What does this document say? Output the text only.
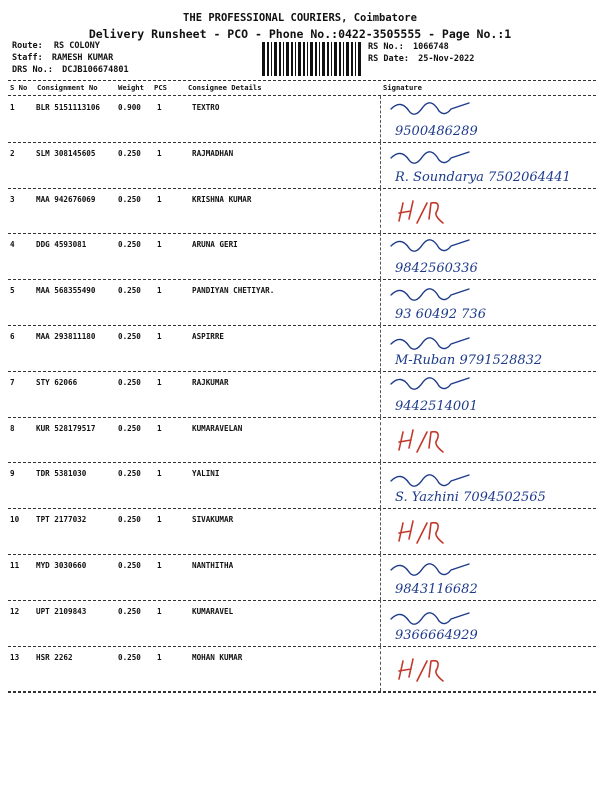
THE PROFESSIONAL COURIERS, Coimbatore
Delivery Runsheet - PCO - Phone No.:0422-3505555 - Page No.:1
Route: RS COLONY
Staff: RAMESH KUMAR
DRS No.: DCJB106674801
RS No.: 1066748
RS Date: 25-Nov-2022
S No Consignment No	Weight PCS	Consignee Details	Signature
1	BLR 5151113106 0.900 1	TEXTRO
9500486289
2	SLM 308145605	0.250 1	RAJMADHAN
R. Soundarya 7502064441
3	MAA 942676069	0.250 1	KRISHNA KUMAR
4	DDG 4593081	0.250 1	ARUNA GERI
9842560336
5	MAA 568355490	0.250 1	PANDIYAN CHETIYAR.
93 60492 736
6	MAA 293811180	0.250 1	ASPIRRE
M-Ruban 9791528832
7	STY 62066	0.250 1	RAJKUMAR
9442514001
8	KUR 528179517	0.250 1	KUMARAVELAN
9	TDR 5381030	0.250 1	YALINI
S. Yazhini 7094502565
10 TPT 2177032	0.250 1	SIVAKUMAR
11 MYD 3030660	0.250 1	NANTHITHA
9843116682
12 UPT 2109843	0.250 1	KUMARAVEL
9366664929
13 HSR 2262	0.250 1	MOHAN KUMAR
